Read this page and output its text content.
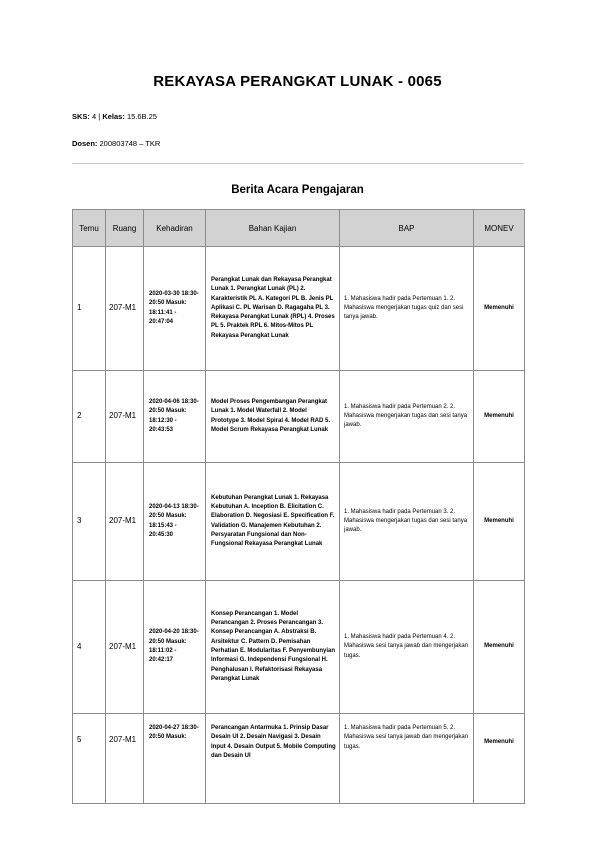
REKAYASA PERANGKAT LUNAK - 0065
SKS: 4 | Kelas: 15.6B.25
Dosen: 200803748 – TKR
Berita Acara Pengajaran
Temu	Ruang	Kehadiran	Bahan Kajian	BAP	MONEV
1	207-M1	2020-03-30 18:30-20:50 Masuk: 18:11:41 - 20:47:04	Perangkat Lunak dan Rekayasa Perangkat Lunak 1. Perangkat Lunak (PL) 2. Karakteristik PL A. Kategori PL B. Jenis PL Aplikasi C. PL Warisan D. Ragagaha PL 3. Rekayasa Perangkat Lunak (RPL) 4. Proses PL 5. Praktek RPL 6. Mitos-Mitos PL Rekayasa Perangkat Lunak	1. Mahasiswa hadir pada Pertemuan 1. 2. Mahasiswa mengerjakan tugas quiz dan sesi tanya jawab.	Memenuhi
2	207-M1	2020-04-06 18:30-20:50 Masuk: 18:12:30 - 20:43:53	Model Proses Pengembangan Perangkat Lunak 1. Model Waterfall 2. Model Prototype 3. Model Spiral 4. Model RAD 5. Model Scrum Rekayasa Perangkat Lunak	1. Mahasiswa hadir pada Pertemuan 2. 2. Mahasiswa mengerjakan tugas dan sesi tanya jawab.	Memenuhi
3	207-M1	2020-04-13 18:30-20:50 Masuk: 18:15:43 - 20:45:30	Kebutuhan Perangkat Lunak 1. Rekayasa Kebutuhan A. Inception B. Elicitation C. Elaboration D. Negosiasi E. Specification F. Validation G. Manajemen Kebutuhan 2. Persyaratan Fungsional dan Non-Fungsional Rekayasa Perangkat Lunak	1. Mahasiswa hadir pada Pertemuan 3. 2. Mahasiswa mengerjakan tugas dan sesi tanya jawab.	Memenuhi
4	207-M1	2020-04-20 18:30-20:50 Masuk: 18:11:02 - 20:42:17	Konsep Perancangan 1. Model Perancangan 2. Proses Perancangan 3. Konsep Perancangan A. Abstraksi B. Arsitektur C. Pattern D. Pemisahan Perhatian E. Modularitas F. Penyembunyian Informasi G. Independensi Fungsional H. Penghalusan I. Refaktorisasi Rekayasa Perangkat Lunak	1. Mahasiswa hadir pada Pertemuan 4. 2. Mahasiswa sesi tanya jawab dan mengerjakan tugas.	Memenuhi
5	207-M1	2020-04-27 18:30-20:50 Masuk:	Perancangan Antarmuka 1. Prinsip Dasar Desain UI 2. Desain Navigasi 3. Desain Input 4. Desain Output 5. Mobile Computing dan Desain UI	1. Mahasiswa hadir pada Pertemuan 5. 2. Mahasiswa sesi tanya jawab dan mengerjakan tugas.	Memenuhi
